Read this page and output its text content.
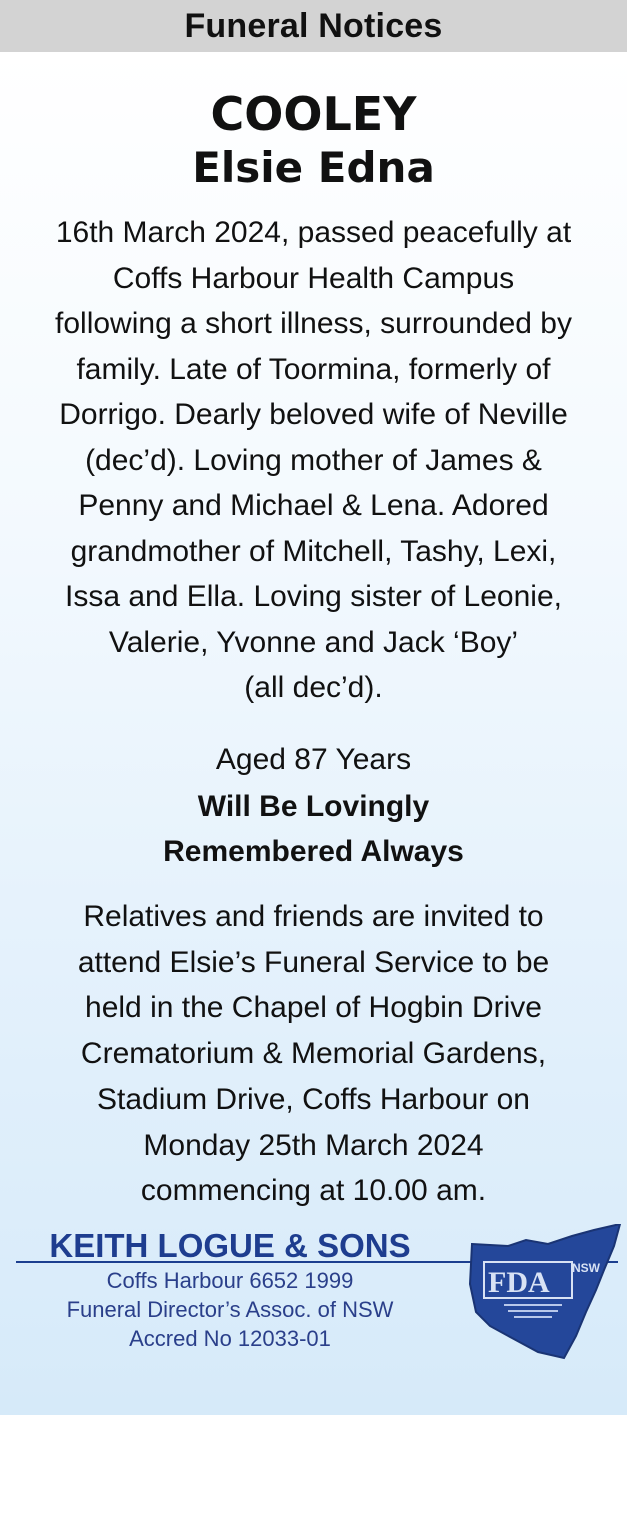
Funeral Notices
COOLEY
Elsie Edna
16th March 2024, passed peacefully at
Coffs Harbour Health Campus
following a short illness, surrounded by
family. Late of Toormina, formerly of
Dorrigo. Dearly beloved wife of Neville
(dec’d). Loving mother of James &
Penny and Michael & Lena. Adored
grandmother of Mitchell, Tashy, Lexi,
Issa and Ella. Loving sister of Leonie,
Valerie, Yvonne and Jack ‘Boy’
(all dec’d).
Aged 87 Years
Will Be Lovingly
Remembered Always
Relatives and friends are invited to
attend Elsie’s Funeral Service to be
held in the Chapel of Hogbin Drive
Crematorium & Memorial Gardens,
Stadium Drive, Coffs Harbour on
Monday 25th March 2024
commencing at 10.00 am.
KEITH LOGUE & SONS
Coffs Harbour 6652 1999
Funeral Director’s Assoc. of NSW
Accred No 12033-01
FDA NSW
